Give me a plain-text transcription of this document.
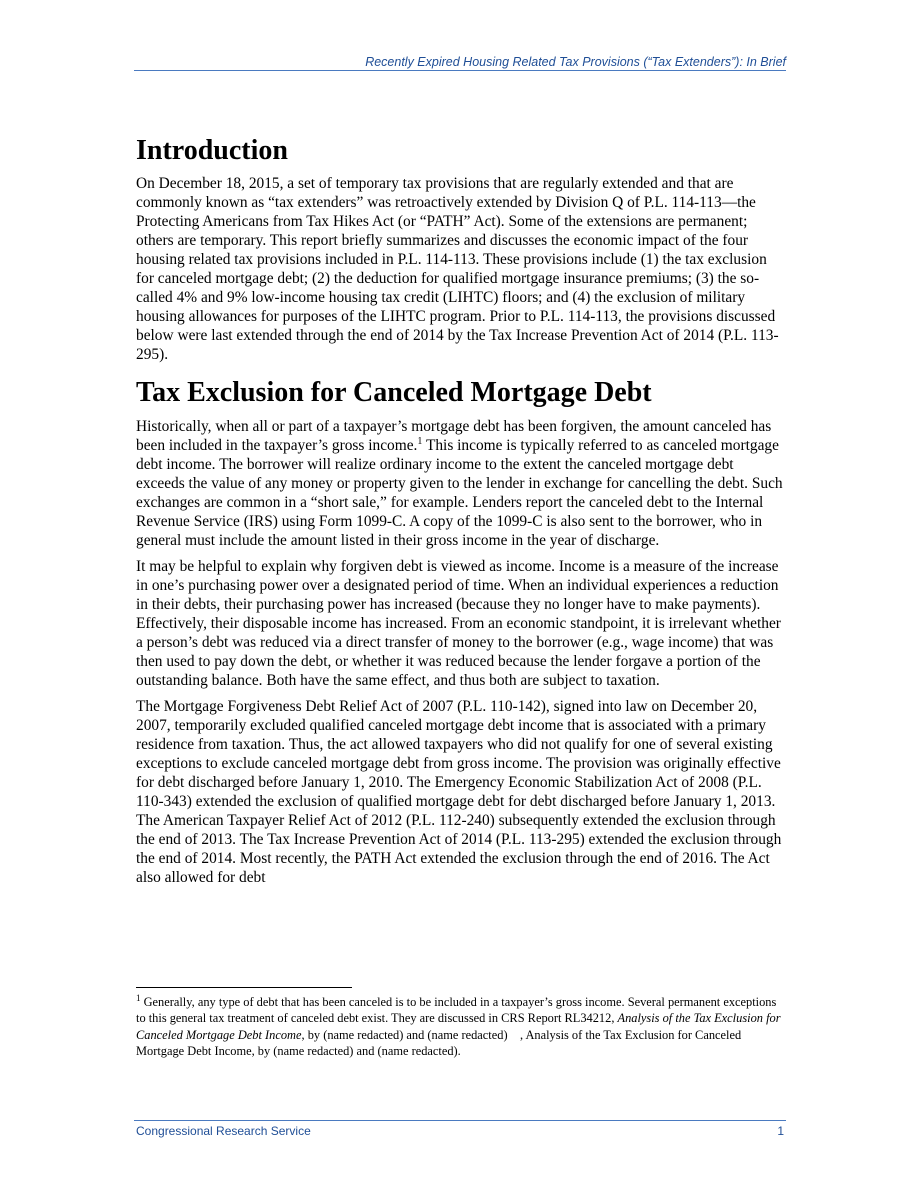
Recently Expired Housing Related Tax Provisions (“Tax Extenders”): In Brief
Introduction

On December 18, 2015, a set of temporary tax provisions that are regularly extended and that are commonly known as “tax extenders” was retroactively extended by Division Q of P.L. 114-113—the Protecting Americans from Tax Hikes Act (or “PATH” Act). Some of the extensions are permanent; others are temporary. This report briefly summarizes and discusses the economic impact of the four housing related tax provisions included in P.L. 114-113. These provisions include (1) the tax exclusion for canceled mortgage debt; (2) the deduction for qualified mortgage insurance premiums; (3) the so-called 4% and 9% low-income housing tax credit (LIHTC) floors; and (4) the exclusion of military housing allowances for purposes of the LIHTC program. Prior to P.L. 114-113, the provisions discussed below were last extended through the end of 2014 by the Tax Increase Prevention Act of 2014 (P.L. 113-295).

Tax Exclusion for Canceled Mortgage Debt

Historically, when all or part of a taxpayer’s mortgage debt has been forgiven, the amount canceled has been included in the taxpayer’s gross income.$^1$ This income is typically referred to as canceled mortgage debt income. The borrower will realize ordinary income to the extent the canceled mortgage debt exceeds the value of any money or property given to the lender in exchange for cancelling the debt. Such exchanges are common in a “short sale,” for example. Lenders report the canceled debt to the Internal Revenue Service (IRS) using Form 1099-C. A copy of the 1099-C is also sent to the borrower, who in general must include the amount listed in their gross income in the year of discharge.

It may be helpful to explain why forgiven debt is viewed as income. Income is a measure of the increase in one’s purchasing power over a designated period of time. When an individual experiences a reduction in their debts, their purchasing power has increased (because they no longer have to make payments). Effectively, their disposable income has increased. From an economic standpoint, it is irrelevant whether a person’s debt was reduced via a direct transfer of money to the borrower (e.g., wage income) that was then used to pay down the debt, or whether it was reduced because the lender forgave a portion of the outstanding balance. Both have the same effect, and thus both are subject to taxation.

The Mortgage Forgiveness Debt Relief Act of 2007 (P.L. 110-142), signed into law on December 20, 2007, temporarily excluded qualified canceled mortgage debt income that is associated with a primary residence from taxation. Thus, the act allowed taxpayers who did not qualify for one of several existing exceptions to exclude canceled mortgage debt from gross income. The provision was originally effective for debt discharged before January 1, 2010. The Emergency Economic Stabilization Act of 2008 (P.L. 110-343) extended the exclusion of qualified mortgage debt for debt discharged before January 1, 2013. The American Taxpayer Relief Act of 2012 (P.L. 112-240) subsequently extended the exclusion through the end of 2013. The Tax Increase Prevention Act of 2014 (P.L. 113-295) extended the exclusion through the end of 2014. Most recently, the PATH Act extended the exclusion through the end of 2016. The Act also allowed for debt

$^1$ Generally, any type of debt that has been canceled is to be included in a taxpayer’s gross income. Several permanent exceptions to this general tax treatment of canceled debt exist. They are discussed in CRS Report RL34212, Analysis of the Tax Exclusion for Canceled Mortgage Debt Income, by (name redacted) and (name redacted)    , Analysis of the Tax Exclusion for Canceled Mortgage Debt Income, by (name redacted) and (name redacted).
Congressional Research Service	1
